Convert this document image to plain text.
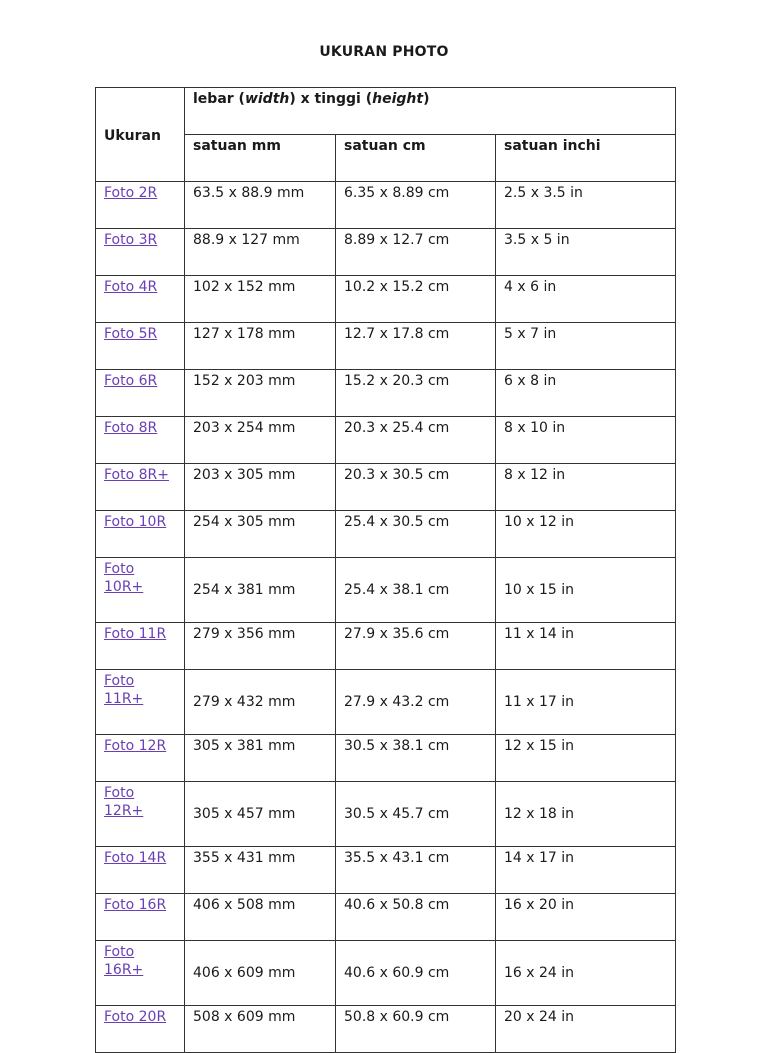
UKURAN PHOTO
Ukuran	lebar (width) x tinggi (height)		
	satuan mm	satuan cm	satuan inchi
Foto 2R	63.5 x 88.9 mm	6.35 x 8.89 cm	2.5 x 3.5 in
Foto 3R	88.9 x 127 mm	8.89 x 12.7 cm	3.5 x 5 in
Foto 4R	102 x 152 mm	10.2 x 15.2 cm	4 x 6 in
Foto 5R	127 x 178 mm	12.7 x 17.8 cm	5 x 7 in
Foto 6R	152 x 203 mm	15.2 x 20.3 cm	6 x 8 in
Foto 8R	203 x 254 mm	20.3 x 25.4 cm	8 x 10 in
Foto 8R+	203 x 305 mm	20.3 x 30.5 cm	8 x 12 in
Foto 10R	254 x 305 mm	25.4 x 30.5 cm	10 x 12 in
Foto
10R+	254 x 381 mm	25.4 x 38.1 cm	10 x 15 in
Foto 11R	279 x 356 mm	27.9 x 35.6 cm	11 x 14 in
Foto
11R+	279 x 432 mm	27.9 x 43.2 cm	11 x 17 in
Foto 12R	305 x 381 mm	30.5 x 38.1 cm	12 x 15 in
Foto
12R+	305 x 457 mm	30.5 x 45.7 cm	12 x 18 in
Foto 14R	355 x 431 mm	35.5 x 43.1 cm	14 x 17 in
Foto 16R	406 x 508 mm	40.6 x 50.8 cm	16 x 20 in
Foto
16R+	406 x 609 mm	40.6 x 60.9 cm	16 x 24 in
Foto 20R	508 x 609 mm	50.8 x 60.9 cm	20 x 24 in
